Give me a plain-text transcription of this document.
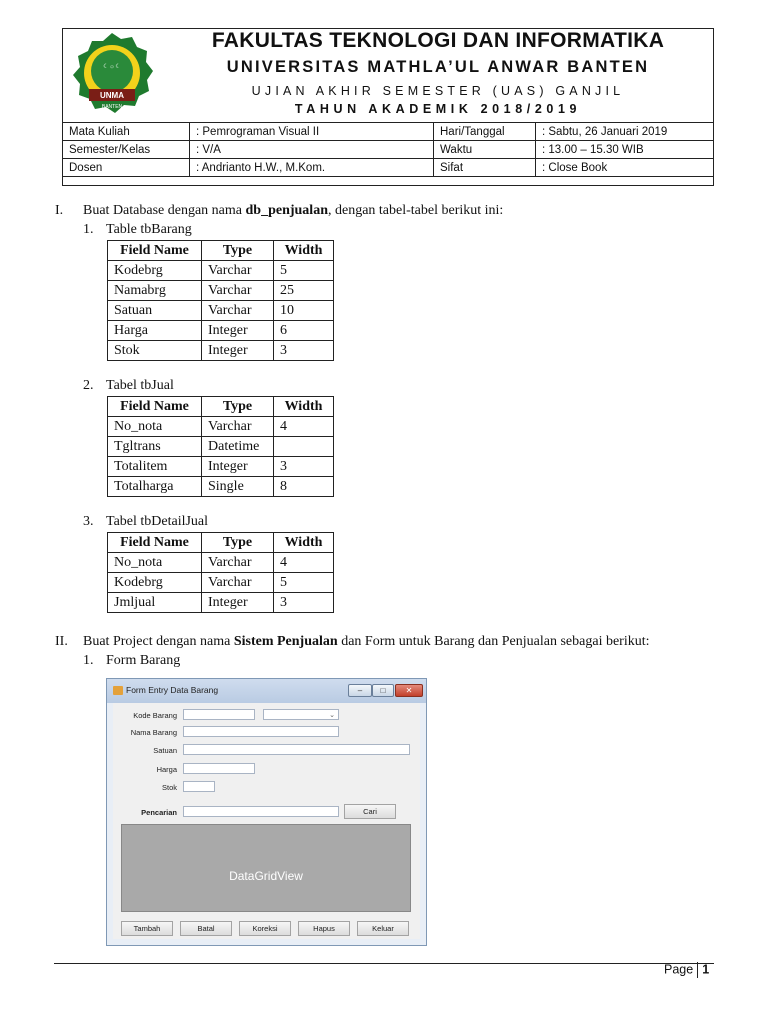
☾ ۞ ☾
UNMA
BANTEN
FAKULTAS TEKNOLOGI DAN INFORMATIKA
UNIVERSITAS MATHLA’UL ANWAR BANTEN
UJIAN AKHIR SEMESTER (UAS) GANJIL
TAHUN AKADEMIK 2018/2019
Mata Kuliah	: Pemrograman Visual II	Hari/Tanggal	: Sabtu, 26 Januari 2019
Semester/Kelas	: V/A	Waktu	: 13.00 – 15.30 WIB
Dosen	: Andrianto H.W., M.Kom.	Sifat	: Close Book
I. Buat Database dengan nama db_penjualan, dengan tabel-tabel berikut ini:
1. Table tbBarang
Field Name	Type	Width
Kodebrg	Varchar	5
Namabrg	Varchar	25
Satuan	Varchar	10
Harga	Integer	6
Stok	Integer	3
2. Tabel tbJual
Field Name	Type	Width
No_nota	Varchar	4
Tgltrans	Datetime	
Totalitem	Integer	3
Totalharga	Single	8
3. Tabel tbDetailJual
Field Name	Type	Width
No_nota	Varchar	4
Kodebrg	Varchar	5
Jmljual	Integer	3
II. Buat Project dengan nama Sistem Penjualan dan Form untuk Barang dan Penjualan sebagai berikut:
1. Form Barang
Form Entry Data Barang	–	□	✕
Kode Barang	⌄
Nama Barang
Satuan
Harga
Stok
Pencarian	Cari
DataGridView
Tambah	Batal	Koreksi	Hapus	Keluar
Page 1
